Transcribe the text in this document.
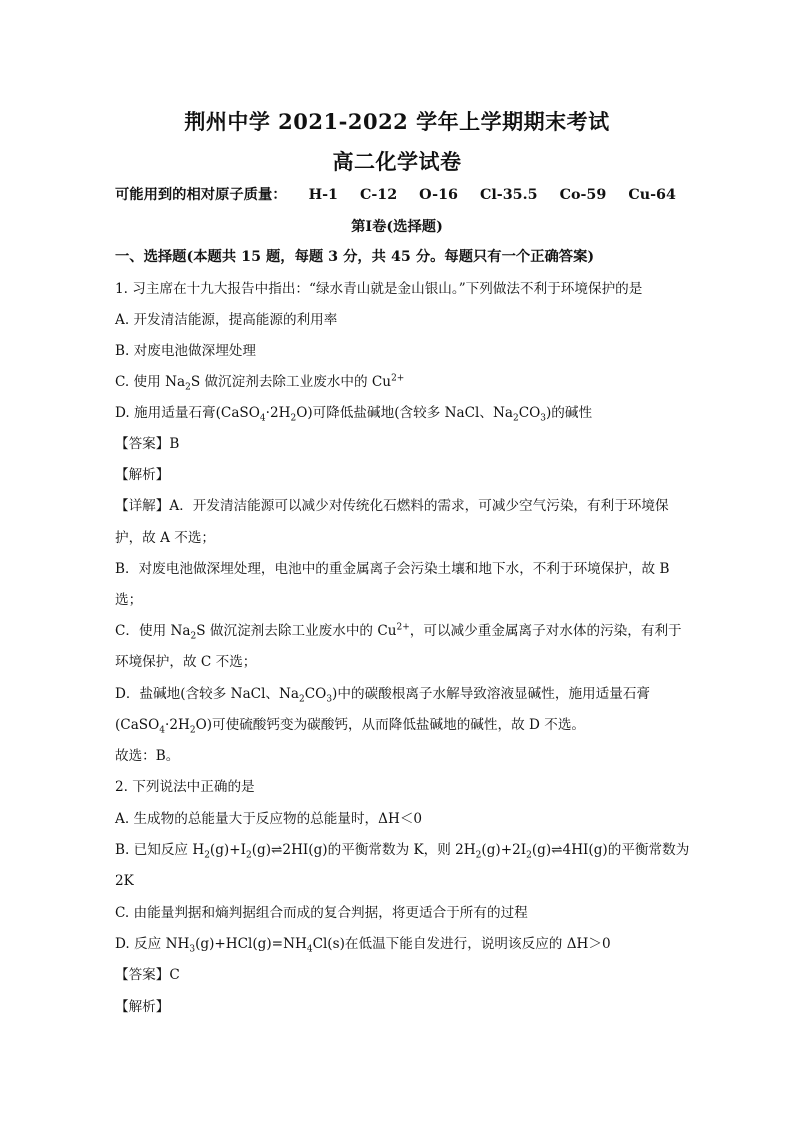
荆州中学 2021-2022 学年上学期期末考试
高二化学试卷
可能用到的相对原子质量： H-1 C-12 O-16 Cl-35.5 Co-59 Cu-64
第Ⅰ卷(选择题)
一、选择题(本题共 15 题，每题 3 分，共 45 分。每题只有一个正确答案)
1. 习主席在十九大报告中指出：“绿水青山就是金山银山。”下列做法不利于环境保护的是
A. 开发清洁能源，提高能源的利用率
B. 对废电池做深埋处理
C. 使用 $Na_2S$ 做沉淀剂去除工业废水中的 $Cu^{2+}$
D. 施用适量石膏$(CaSO_4\cdot 2H_2O)$可降低盐碱地(含较多 NaCl、$Na_2CO_3$)的碱性
【答案】B
【解析】
【详解】A．开发清洁能源可以减少对传统化石燃料的需求，可减少空气污染，有利于环境保
护，故 A 不选；
B．对废电池做深埋处理，电池中的重金属离子会污染土壤和地下水，不利于环境保护，故 B
选；
C．使用 $Na_2S$ 做沉淀剂去除工业废水中的 $Cu^{2+}$，可以减少重金属离子对水体的污染，有利于
环境保护，故 C 不选；
D．盐碱地(含较多 NaCl、$Na_2CO_3$)中的碳酸根离子水解导致溶液显碱性，施用适量石膏
$(CaSO_4\cdot 2H_2O)$可使硫酸钙变为碳酸钙，从而降低盐碱地的碱性，故 D 不选。
故选：B。
2. 下列说法中正确的是
A. 生成物的总能量大于反应物的总能量时，ΔH＜0
B. 已知反应 $H_2(g)+I_2(g)\rightleftharpoons 2HI(g)$的平衡常数为 K，则 $2H_2(g)+2I_2(g)\rightleftharpoons 4HI(g)$的平衡常数为
2K
C. 由能量判据和熵判据组合而成的复合判据，将更适合于所有的过程
D. 反应 $NH_3(g)+HCl(g)=NH_4Cl(s)$在低温下能自发进行，说明该反应的 ΔH＞0
【答案】C
【解析】
